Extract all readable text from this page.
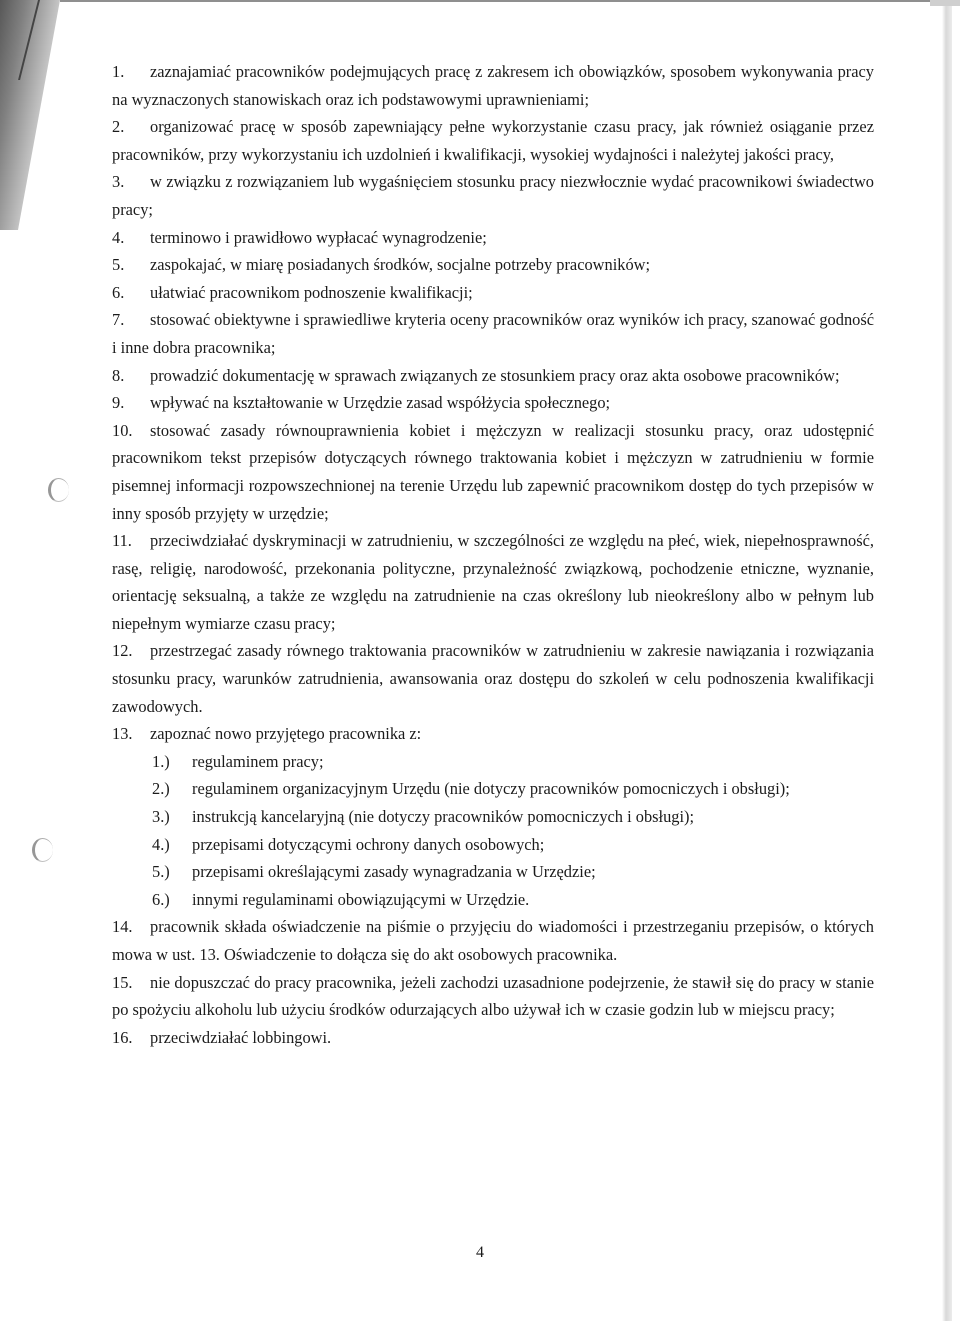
1. zaznajamiać pracowników podejmujących pracę z zakresem ich obowiązków, sposobem wykonywania pracy na wyznaczonych stanowiskach oraz ich podstawowymi uprawnieniami;

2. organizować pracę w sposób zapewniający pełne wykorzystanie czasu pracy, jak również osiąganie przez pracowników, przy wykorzystaniu ich uzdolnień i kwalifikacji, wysokiej wydajności i należytej jakości pracy,

3. w związku z rozwiązaniem lub wygaśnięciem stosunku pracy niezwłocznie wydać pracownikowi świadectwo pracy;

4. terminowo i prawidłowo wypłacać wynagrodzenie;

5. zaspokajać, w miarę posiadanych środków, socjalne potrzeby pracowników;

6. ułatwiać pracownikom podnoszenie kwalifikacji;

7. stosować obiektywne i sprawiedliwe kryteria oceny pracowników oraz wyników ich pracy, szanować godność i inne dobra pracownika;

8. prowadzić dokumentację w sprawach związanych ze stosunkiem pracy oraz akta osobowe pracowników;

9. wpływać na kształtowanie w Urzędzie zasad współżycia społecznego;

10. stosować zasady równouprawnienia kobiet i mężczyzn w realizacji stosunku pracy, oraz udostępnić pracownikom tekst przepisów dotyczących równego traktowania kobiet i mężczyzn w zatrudnieniu w formie pisemnej informacji rozpowszechnionej na terenie Urzędu lub zapewnić pracownikom dostęp do tych przepisów w inny sposób przyjęty w urzędzie;

11. przeciwdziałać dyskryminacji w zatrudnieniu, w szczególności ze względu na płeć, wiek, niepełnosprawność, rasę, religię, narodowość, przekonania polityczne, przynależność związkową, pochodzenie etniczne, wyznanie, orientację seksualną, a także ze względu na zatrudnienie na czas określony lub nieokreślony albo w pełnym lub niepełnym wymiarze czasu pracy;

12. przestrzegać zasady równego traktowania pracowników w zatrudnieniu w zakresie nawiązania i rozwiązania stosunku pracy, warunków zatrudnienia, awansowania oraz dostępu do szkoleń w celu podnoszenia kwalifikacji zawodowych.

13. zapoznać nowo przyjętego pracownika z:

1.) regulaminem pracy;

2.) regulaminem organizacyjnym Urzędu (nie dotyczy pracowników pomocniczych i obsługi);

3.) instrukcją kancelaryjną (nie dotyczy pracowników pomocniczych i obsługi);

4.) przepisami dotyczącymi ochrony danych osobowych;

5.) przepisami określającymi zasady wynagradzania w Urzędzie;

6.) innymi regulaminami obowiązującymi w Urzędzie.

14. pracownik składa oświadczenie na piśmie o przyjęciu do wiadomości i przestrzeganiu przepisów, o których mowa w ust. 13. Oświadczenie to dołącza się do akt osobowych pracownika.

15. nie dopuszczać do pracy pracownika, jeżeli zachodzi uzasadnione podejrzenie, że stawił się do pracy w stanie po spożyciu alkoholu lub użyciu środków odurzających albo używał ich w czasie godzin lub w miejscu pracy;

16. przeciwdziałać lobbingowi.

4
